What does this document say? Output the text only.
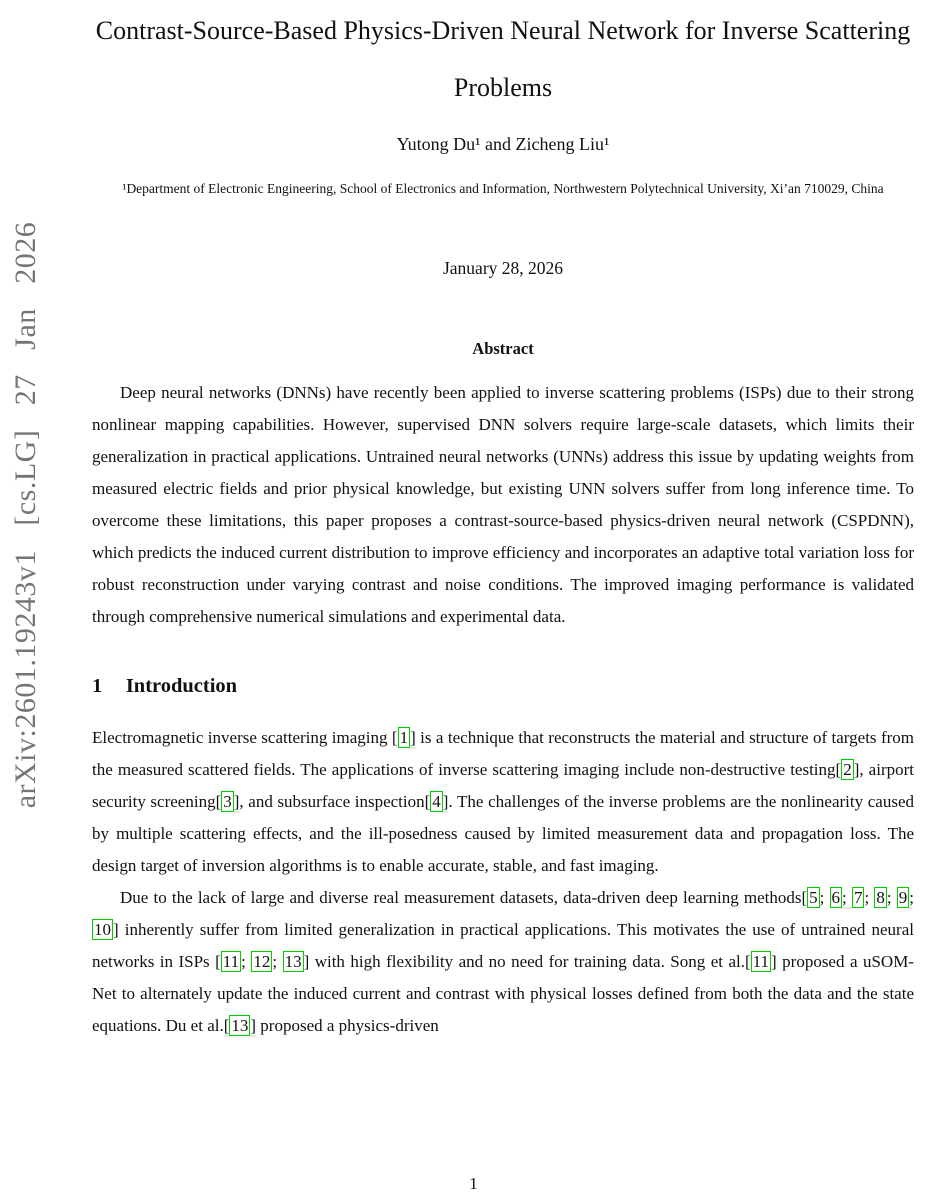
arXiv:2601.19243v1 [cs.LG] 27 Jan 2026
Contrast-Source-Based Physics-Driven Neural Network for Inverse Scattering Problems
Yutong Du¹ and Zicheng Liu¹
¹Department of Electronic Engineering, School of Electronics and Information, Northwestern Polytechnical University, Xi’an 710029, China
January 28, 2026
Abstract

Deep neural networks (DNNs) have recently been applied to inverse scattering problems (ISPs) due to their strong nonlinear mapping capabilities. However, supervised DNN solvers require large-scale datasets, which limits their generalization in practical applications. Untrained neural networks (UNNs) address this issue by updating weights from measured electric fields and prior physical knowledge, but existing UNN solvers suffer from long inference time. To overcome these limitations, this paper proposes a contrast-source-based physics-driven neural network (CSPDNN), which predicts the induced current distribution to improve efficiency and incorporates an adaptive total variation loss for robust reconstruction under varying contrast and noise conditions. The improved imaging performance is validated through comprehensive numerical simulations and experimental data.

1 Introduction

Electromagnetic inverse scattering imaging [ 1 ] is a technique that reconstructs the material and structure of targets from the measured scattered fields. The applications of inverse scattering imaging include non-destructive testing[ 2 ], airport security screening[ 3 ], and subsurface inspection[ 4 ]. The challenges of the inverse problems are the nonlinearity caused by multiple scattering effects, and the ill-posedness caused by limited measurement data and propagation loss. The design target of inversion algorithms is to enable accurate, stable, and fast imaging.

Due to the lack of large and diverse real measurement datasets, data-driven deep learning methods[ 5 ; 6 ; 7 ; 8 ; 9 ; 10 ] inherently suffer from limited generalization in practical applications. This motivates the use of untrained neural networks in ISPs [ 11 ; 12 ; 13 ] with high flexibility and no need for training data. Song et al.[ 11 ] proposed a uSOM-Net to alternately update the induced current and contrast with physical losses defined from both the data and the state equations. Du et al.[ 13 ] proposed a physics-driven

1
